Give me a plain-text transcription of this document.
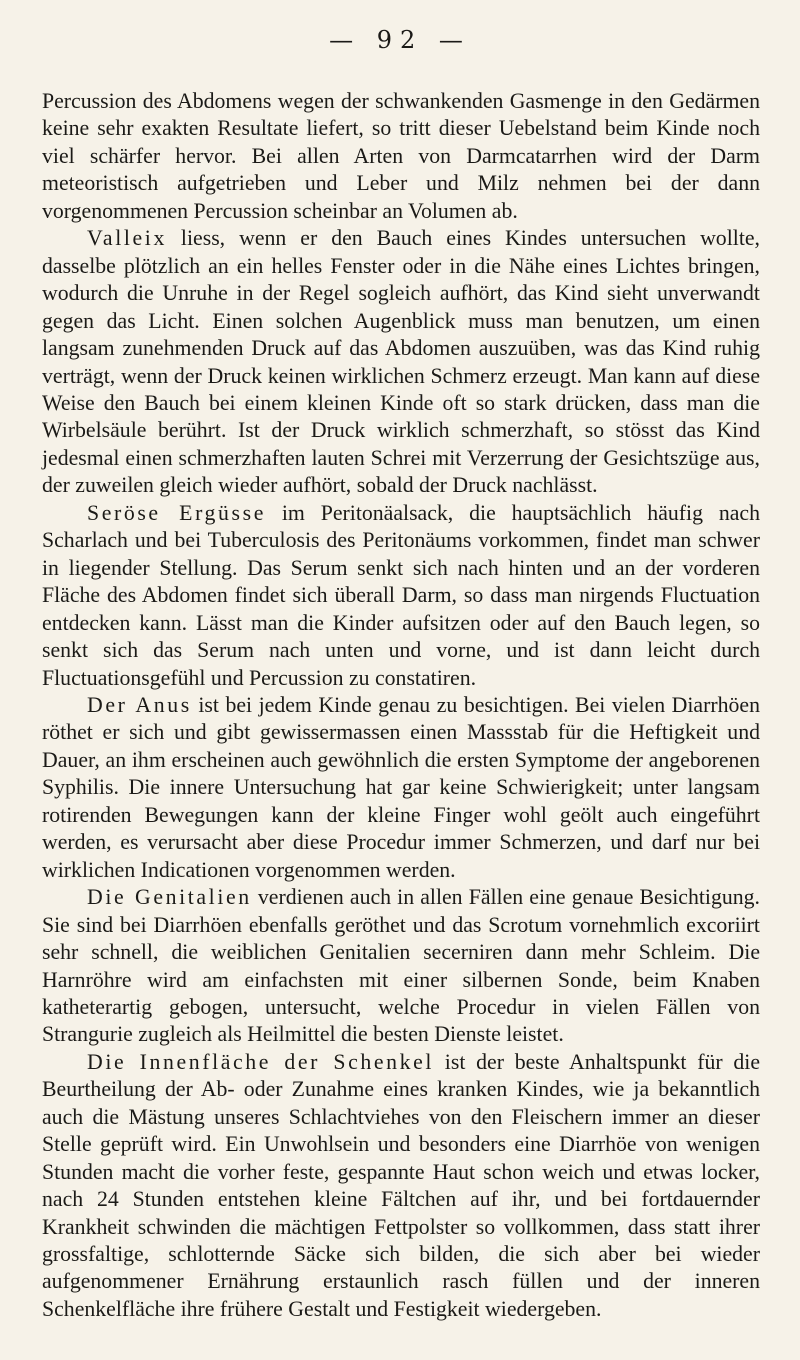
— 92 —

Percussion des Abdomens wegen der schwankenden Gasmenge in den Gedärmen keine sehr exakten Resultate liefert, so tritt dieser Uebelstand beim Kinde noch viel schärfer hervor. Bei allen Arten von Darmcatarrhen wird der Darm meteoristisch aufgetrieben und Leber und Milz nehmen bei der dann vorgenommenen Percussion scheinbar an Volumen ab.

Valleix liess, wenn er den Bauch eines Kindes untersuchen wollte, dasselbe plötzlich an ein helles Fenster oder in die Nähe eines Lichtes bringen, wodurch die Unruhe in der Regel sogleich aufhört, das Kind sieht unverwandt gegen das Licht. Einen solchen Augenblick muss man benutzen, um einen langsam zunehmenden Druck auf das Abdomen auszuüben, was das Kind ruhig verträgt, wenn der Druck keinen wirklichen Schmerz erzeugt. Man kann auf diese Weise den Bauch bei einem kleinen Kinde oft so stark drücken, dass man die Wirbelsäule berührt. Ist der Druck wirklich schmerzhaft, so stösst das Kind jedesmal einen schmerzhaften lauten Schrei mit Verzerrung der Gesichtszüge aus, der zuweilen gleich wieder aufhört, sobald der Druck nachlässt.

Seröse Ergüsse im Peritonäalsack, die hauptsächlich häufig nach Scharlach und bei Tuberculosis des Peritonäums vorkommen, findet man schwer in liegender Stellung. Das Serum senkt sich nach hinten und an der vorderen Fläche des Abdomen findet sich überall Darm, so dass man nirgends Fluctuation entdecken kann. Lässt man die Kinder aufsitzen oder auf den Bauch legen, so senkt sich das Serum nach unten und vorne, und ist dann leicht durch Fluctuationsgefühl und Percussion zu constatiren.

Der Anus ist bei jedem Kinde genau zu besichtigen. Bei vielen Diarrhöen röthet er sich und gibt gewissermassen einen Massstab für die Heftigkeit und Dauer, an ihm erscheinen auch gewöhnlich die ersten Symptome der angeborenen Syphilis. Die innere Untersuchung hat gar keine Schwierigkeit; unter langsam rotirenden Bewegungen kann der kleine Finger wohl geölt auch eingeführt werden, es verursacht aber diese Procedur immer Schmerzen, und darf nur bei wirklichen Indicationen vorgenommen werden.

Die Genitalien verdienen auch in allen Fällen eine genaue Besichtigung. Sie sind bei Diarrhöen ebenfalls geröthet und das Scrotum vornehmlich excoriirt sehr schnell, die weiblichen Genitalien secerniren dann mehr Schleim. Die Harnröhre wird am einfachsten mit einer silbernen Sonde, beim Knaben katheterartig gebogen, untersucht, welche Procedur in vielen Fällen von Strangurie zugleich als Heilmittel die besten Dienste leistet.

Die Innenfläche der Schenkel ist der beste Anhaltspunkt für die Beurtheilung der Ab- oder Zunahme eines kranken Kindes, wie ja bekanntlich auch die Mästung unseres Schlachtviehes von den Fleischern immer an dieser Stelle geprüft wird. Ein Unwohlsein und besonders eine Diarrhöe von wenigen Stunden macht die vorher feste, gespannte Haut schon weich und etwas locker, nach 24 Stunden entstehen kleine Fältchen auf ihr, und bei fortdauernder Krankheit schwinden die mächtigen Fettpolster so vollkommen, dass statt ihrer grossfaltige, schlotternde Säcke sich bilden, die sich aber bei wieder aufgenommener Ernährung erstaunlich rasch füllen und der inneren Schenkelfläche ihre frühere Gestalt und Festigkeit wiedergeben.
